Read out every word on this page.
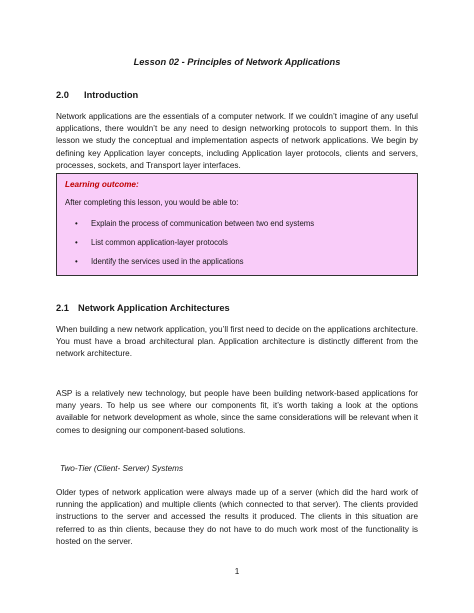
Lesson 02 - Principles of Network Applications
2.0 Introduction

Network applications are the essentials of a computer network. If we couldn’t imagine of any useful applications, there wouldn’t be any need to design networking protocols to support them. In this lesson we study the conceptual and implementation aspects of network applications. We begin by defining key Application layer concepts, including Application layer protocols, clients and servers, processes, sockets, and Transport layer interfaces.

Learning outcome:
After completing this lesson, you would be able to:
• Explain the process of communication between two end systems
• List common application-layer protocols
• Identify the services used in the applications
2.1 Network Application Architectures

When building a new network application, you’ll first need to decide on the applications architecture. You must have a broad architectural plan. Application architecture is distinctly different from the network architecture.

ASP is a relatively new technology, but people have been building network-based applications for many years. To help us see where our components fit, it’s worth taking a look at the options available for network development as whole, since the same considerations will be relevant when it comes to designing our component-based solutions.

Two-Tier (Client- Server) Systems

Older types of network application were always made up of a server (which did the hard work of running the application) and multiple clients (which connected to that server). The clients provided instructions to the server and accessed the results it produced. The clients in this situation are referred to as thin clients, because they do not have to do much work most of the functionality is hosted on the server.

1
